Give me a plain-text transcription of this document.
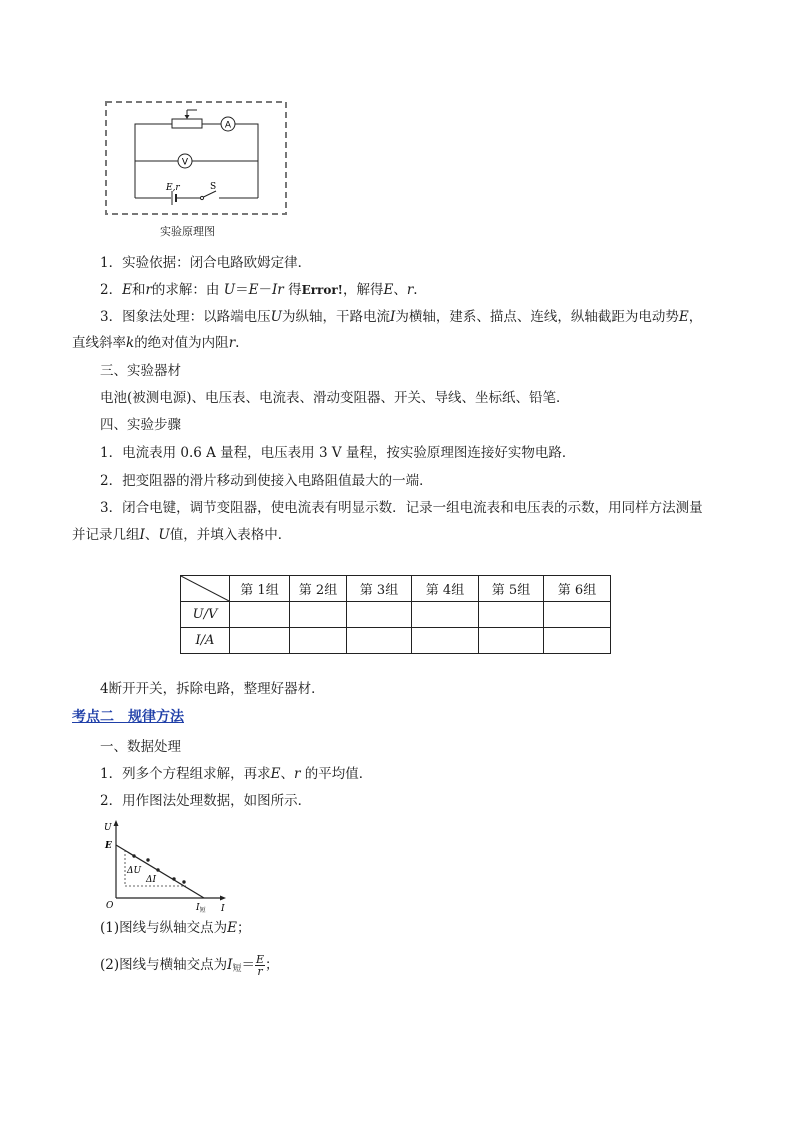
A
V
E,r	S
实验原理图
1．实验依据：闭合电路欧姆定律．
2．E和r的求解：由 U＝E－Ir 得Error!，解得E、r.
3．图象法处理：以路端电压U为纵轴，干路电流I为横轴，建系、描点、连线，纵轴截距为电动势E，
直线斜率k的绝对值为内阻r.
三、实验器材
电池(被测电源)、电压表、电流表、滑动变阻器、开关、导线、坐标纸、铅笔．
四、实验步骤
1．电流表用 0.6 A 量程，电压表用 3 V 量程，按实验原理图连接好实物电路．
2．把变阻器的滑片移动到使接入电路阻值最大的一端．
3．闭合电键，调节变阻器，使电流表有明显示数．记录一组电流表和电压表的示数，用同样方法测量
并记录几组I、U值，并填入表格中．
	第 1组	第 2组	第 3组	第 4组	第 5组	第 6组
U/V						
I/A						
4断开开关，拆除电路，整理好器材．
考点二　规律方法
一、数据处理
1．列多个方程组求解，再求E、r 的平均值．
2．用作图法处理数据，如图所示．
U
I
O
E
ΔU
ΔI
$I_短$
(1)图线与纵轴交点为E；
(2)图线与横轴交点为$I_短= \frac{E}{r}$ ；
